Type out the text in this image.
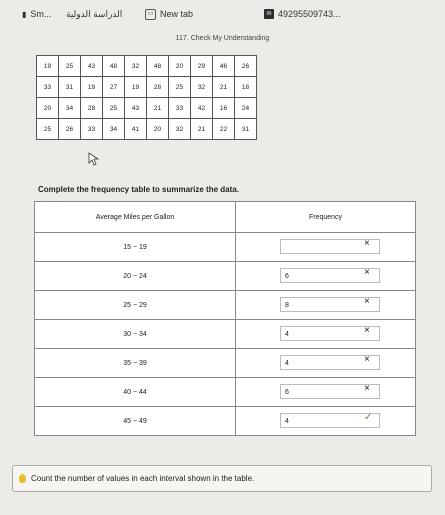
▮ Sm... الدراسة الدولية	▭ New tab	m 49295509743...
117. Check My Understanding
19	25	43	48	32	48	20	29	46	26
33	31	19	27	19	28	25	32	21	18
20	34	28	25	43	21	33	42	16	24
25	26	33	34	41	20	32	21	22	31
Complete the frequency table to summarize the data.
Average Miles per Gallon	Frequency
15 − 19	×

20 − 24	6 ×

25 − 29	8 ×

30 − 34	4 ×

35 − 39	4 ×

40 − 44	6 ×

45 − 49	4 ✓
Count the number of values in each interval shown in the table.
